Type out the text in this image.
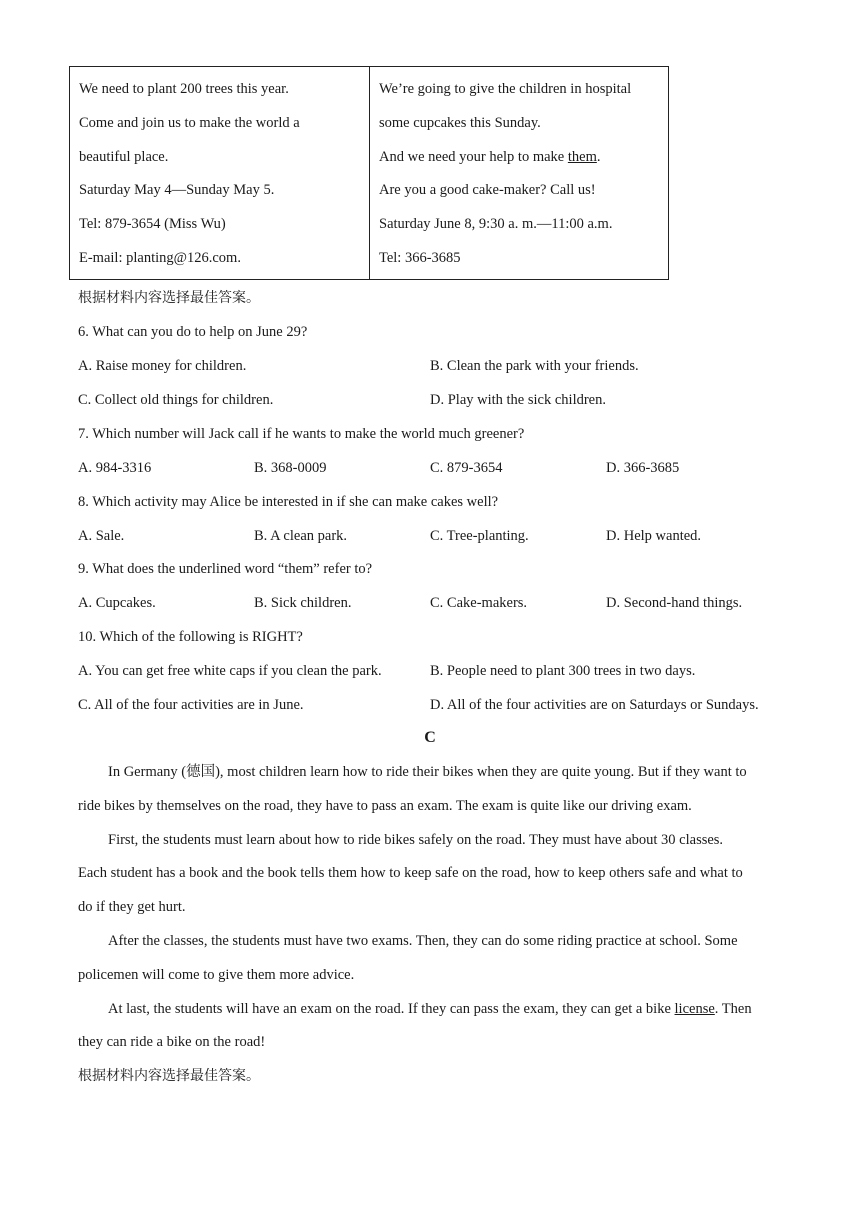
We need to plant 200 trees this year.
Come and join us to make the world a
beautiful place.
Saturday May 4—Sunday May 5.
Tel: 879-3654 (Miss Wu)
E-mail: planting@126.com.
We’re going to give the children in hospital
some cupcakes this Sunday.
And we need your help to make them.
Are you a good cake-maker? Call us!
Saturday June 8, 9:30 a. m.—11:00 a.m.
Tel: 366-3685
根据材料内容选择最佳答案。
6. What can you do to help on June 29?
A. Raise money for children.	B. Clean the park with your friends.
C. Collect old things for children.	D. Play with the sick children.
7. Which number will Jack call if he wants to make the world much greener?
A. 984-3316	B. 368-0009	C. 879-3654	D. 366-3685
8. Which activity may Alice be interested in if she can make cakes well?
A. Sale.	B. A clean park.	C. Tree-planting.	D. Help wanted.
9. What does the underlined word “them” refer to?
A. Cupcakes.	B. Sick children.	C. Cake-makers.	D. Second-hand things.
10. Which of the following is RIGHT?
A. You can get free white caps if you clean the park.	B. People need to plant 300 trees in two days.
C. All of the four activities are in June.	D. All of the four activities are on Saturdays or Sundays.
C
In Germany (德国), most children learn how to ride their bikes when they are quite young. But if they want to
ride bikes by themselves on the road, they have to pass an exam. The exam is quite like our driving exam.
First, the students must learn about how to ride bikes safely on the road. They must have about 30 classes.
Each student has a book and the book tells them how to keep safe on the road, how to keep others safe and what to
do if they get hurt.
After the classes, the students must have two exams. Then, they can do some riding practice at school. Some
policemen will come to give them more advice.
At last, the students will have an exam on the road. If they can pass the exam, they can get a bike license. Then
they can ride a bike on the road!
根据材料内容选择最佳答案。
